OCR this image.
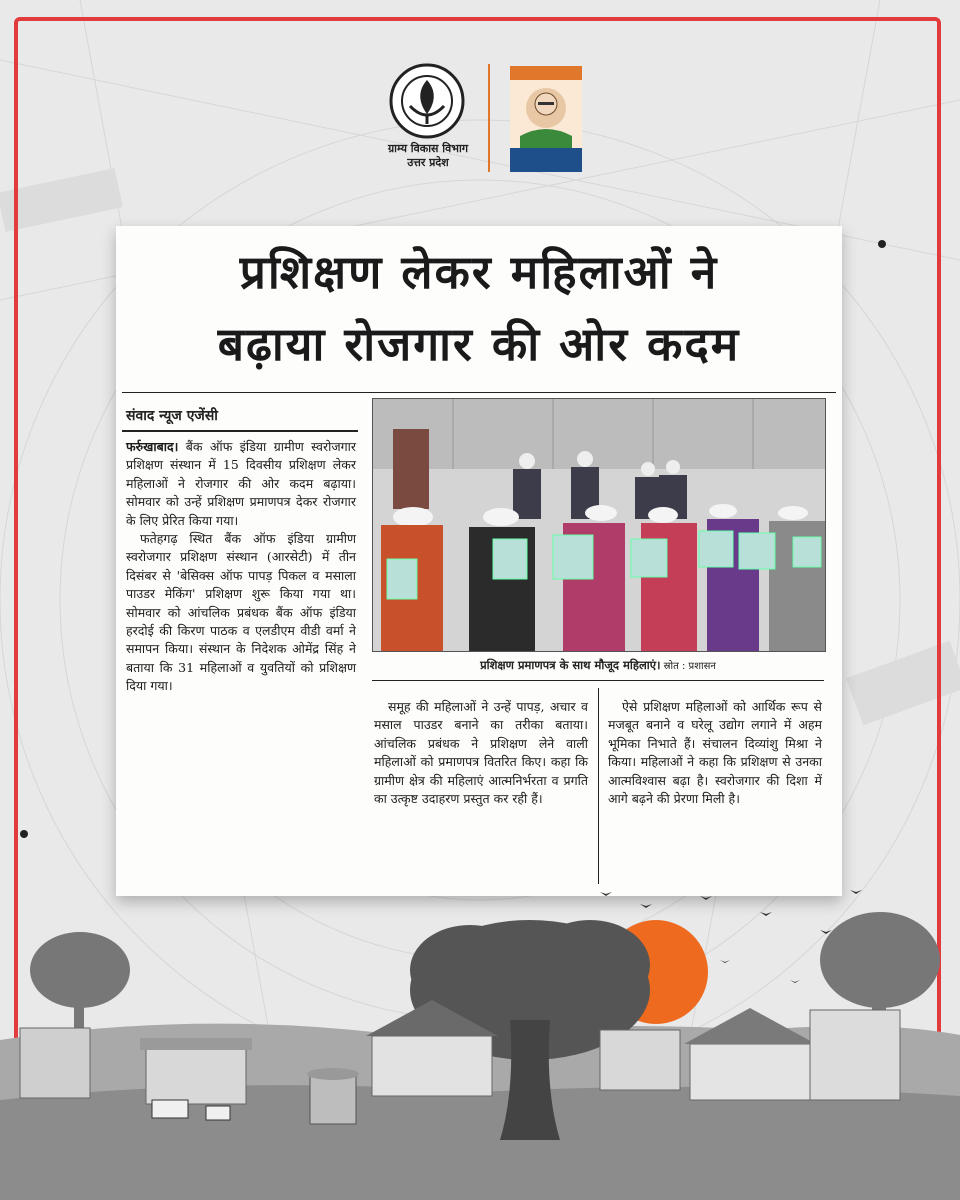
ग्राम्य विकास विभाग
उत्तर प्रदेश
प्रशिक्षण लेकर महिलाओं ने
बढ़ाया रोजगार की ओर कदम
संवाद न्यूज एजेंसी

फर्रुखाबाद। बैंक ऑफ इंडिया ग्रामीण स्वरोजगार प्रशिक्षण संस्थान में 15 दिवसीय प्रशिक्षण लेकर महिलाओं ने रोजगार की ओर कदम बढ़ाया। सोमवार को उन्हें प्रशिक्षण प्रमाणपत्र देकर रोजगार के लिए प्रेरित किया गया।

फतेहगढ़ स्थित बैंक ऑफ इंडिया ग्रामीण स्वरोजगार प्रशिक्षण संस्थान (आरसेटी) में तीन दिसंबर से 'बेसिक्स ऑफ पापड़ पिकल व मसाला पाउडर मेकिंग' प्रशिक्षण शुरू किया गया था। सोमवार को आंचलिक प्रबंधक बैंक ऑफ इंडिया हरदोई की किरण पाठक व एलडीएम वीडी वर्मा ने समापन किया। संस्थान के निदेशक ओमेंद्र सिंह ने बताया कि 31 महिलाओं व युवतियों को प्रशिक्षण दिया गया।

प्रशिक्षण प्रमाणपत्र के साथ मौजूद महिलाएं। स्रोत : प्रशासन

समूह की महिलाओं ने उन्हें पापड़, अचार व मसाल पाउडर बनाने का तरीका बताया। आंचलिक प्रबंधक ने प्रशिक्षण लेने वाली महिलाओं को प्रमाणपत्र वितरित किए। कहा कि ग्रामीण क्षेत्र की महिलाएं आत्मनिर्भरता व प्रगति का उत्कृष्ट उदाहरण प्रस्तुत कर रही हैं।

ऐसे प्रशिक्षण महिलाओं को आर्थिक रूप से मजबूत बनाने व घरेलू उद्योग लगाने में अहम भूमिका निभाते हैं। संचालन दिव्यांशु मिश्रा ने किया। महिलाओं ने कहा कि प्रशिक्षण से उनका आत्मविश्वास बढ़ा है। स्वरोजगार की दिशा में आगे बढ़ने की प्रेरणा मिली है।
